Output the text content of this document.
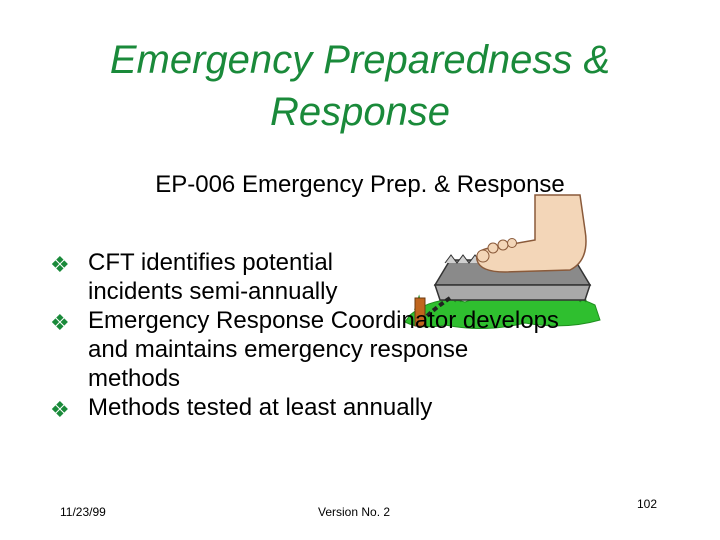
Emergency Preparedness &
Response
EP-006 Emergency Prep. & Response
❖ CFT identifies potential
incidents semi-annually
❖ Emergency Response Coordinator develops
and maintains emergency response
methods
❖ Methods tested at least annually
11/23/99	Version No. 2
102
